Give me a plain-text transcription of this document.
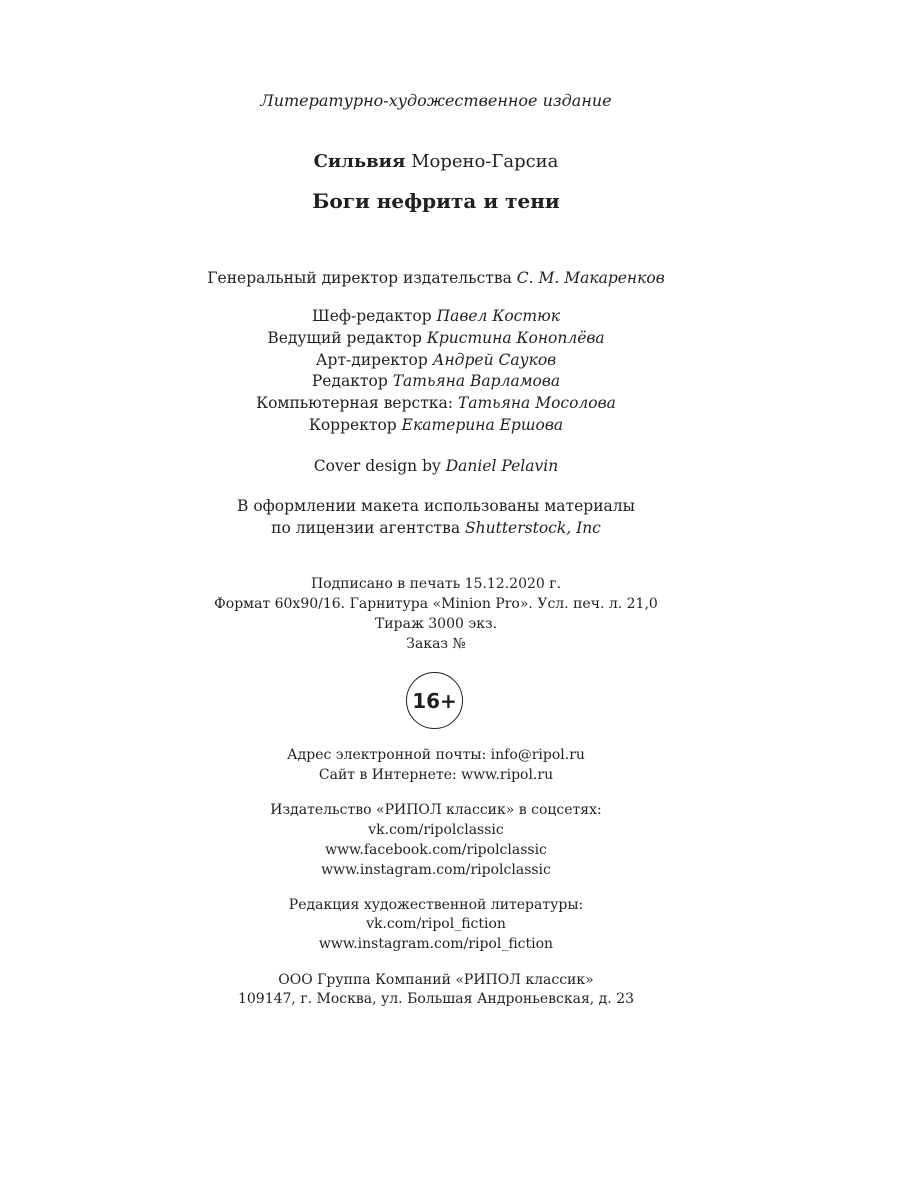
Литературно-художественное издание
Сильвия Морено-Гарсиа
Боги нефрита и тени
Генеральный директор издательства С. М. Макаренков
Шеф-редактор Павел Костюк
Ведущий редактор Кристина Коноплёва
Арт-директор Андрей Сауков
Редактор Татьяна Варламова
Компьютерная верстка: Татьяна Мосолова
Корректор Екатерина Ершова
Cover design by Daniel Pelavin
В оформлении макета использованы материалы
по лицензии агентства Shutterstock, Inc
Подписано в печать 15.12.2020 г.
Формат 60x90/16. Гарнитура «Minion Pro». Усл. печ. л. 21,0
Тираж 3000 экз.
Заказ №
16+
Адрес электронной почты: info@ripol.ru
Сайт в Интернете: www.ripol.ru
Издательство «РИПОЛ классик» в соцсетях:
vk.com/ripolclassic
www.facebook.com/ripolclassic
www.instagram.com/ripolclassic
Редакция художественной литературы:
vk.com/ripol_fiction
www.instagram.com/ripol_fiction
ООО Группа Компаний «РИПОЛ классик»
109147, г. Москва, ул. Большая Андроньевская, д. 23
